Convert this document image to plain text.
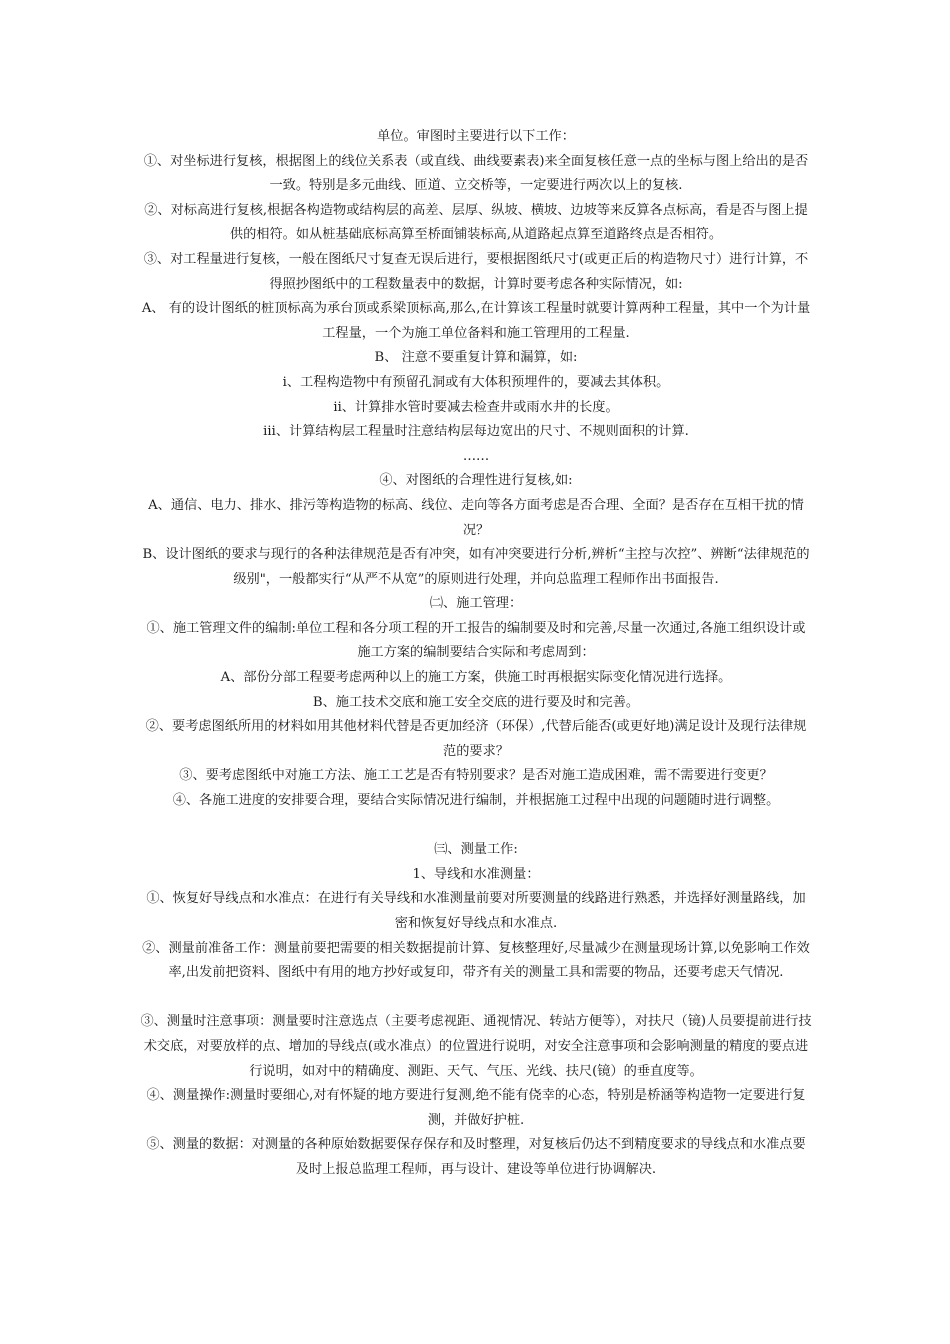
单位。审图时主要进行以下工作：

①、对坐标进行复核，根据图上的线位关系表（或直线、曲线要素表)来全面复核任意一点的坐标与图上给出的是否一致。特别是多元曲线、匝道、立交桥等，一定要进行两次以上的复核.

②、对标高进行复核,根据各构造物或结构层的高差、层厚、纵坡、横坡、边坡等来反算各点标高，看是否与图上提供的相符。如从桩基础底标高算至桥面铺装标高,从道路起点算至道路终点是否相符。

③、对工程量进行复核，一般在图纸尺寸复查无误后进行，要根据图纸尺寸(或更正后的构造物尺寸）进行计算，不得照抄图纸中的工程数量表中的数据，计算时要考虑各种实际情况，如:

A、 有的设计图纸的桩顶标高为承台顶或系梁顶标高,那么,在计算该工程量时就要计算两种工程量，其中一个为计量工程量，一个为施工单位备料和施工管理用的工程量.

B、 注意不要重复计算和漏算，如:

ⅰ、工程构造物中有预留孔洞或有大体积预埋件的，要减去其体积。

ⅱ、计算排水管时要减去检查井或雨水井的长度。

ⅲ、计算结构层工程量时注意结构层每边宽出的尺寸、不规则面积的计算.

……

④、对图纸的合理性进行复核,如:

A、通信、电力、排水、排污等构造物的标高、线位、走向等各方面考虑是否合理、全面？是否存在互相干扰的情况？

B、设计图纸的要求与现行的各种法律规范是否有冲突，如有冲突要进行分析,辨析“主控与次控”、辨断“法律规范的级别"，一般都实行“从严不从宽”的原则进行处理，并向总监理工程师作出书面报告.

㈡、施工管理：

①、施工管理文件的编制:单位工程和各分项工程的开工报告的编制要及时和完善,尽量一次通过,各施工组织设计或施工方案的编制要结合实际和考虑周到：

A、部份分部工程要考虑两种以上的施工方案，供施工时再根据实际变化情况进行选择。

B、施工技术交底和施工安全交底的进行要及时和完善。

②、要考虑图纸所用的材料如用其他材料代替是否更加经济（环保）,代替后能否(或更好地)满足设计及现行法律规范的要求？

③、要考虑图纸中对施工方法、施工工艺是否有特别要求？是否对施工造成困难，需不需要进行变更？

④、各施工进度的安排要合理，要结合实际情况进行编制，并根据施工过程中出现的问题随时进行调整。

㈢、测量工作:

1、导线和水准测量：

①、恢复好导线点和水准点：在进行有关导线和水准测量前要对所要测量的线路进行熟悉，并选择好测量路线，加密和恢复好导线点和水准点.

②、测量前准备工作：测量前要把需要的相关数据提前计算、复核整理好,尽量减少在测量现场计算,以免影响工作效率,出发前把资料、图纸中有用的地方抄好或复印，带齐有关的测量工具和需要的物品，还要考虑天气情况.

③、测量时注意事项：测量要时注意选点（主要考虑视距、通视情况、转站方便等），对扶尺（镜)人员要提前进行技术交底，对要放样的点、增加的导线点(或水准点）的位置进行说明，对安全注意事项和会影响测量的精度的要点进行说明，如对中的精确度、测距、天气、气压、光线、扶尺(镜）的垂直度等。

④、测量操作:测量时要细心,对有怀疑的地方要进行复测,绝不能有侥幸的心态，特别是桥涵等构造物一定要进行复测，并做好护桩.

⑤、测量的数据：对测量的各种原始数据要保存保存和及时整理，对复核后仍达不到精度要求的导线点和水准点要及时上报总监理工程师，再与设计、建设等单位进行协调解决.
